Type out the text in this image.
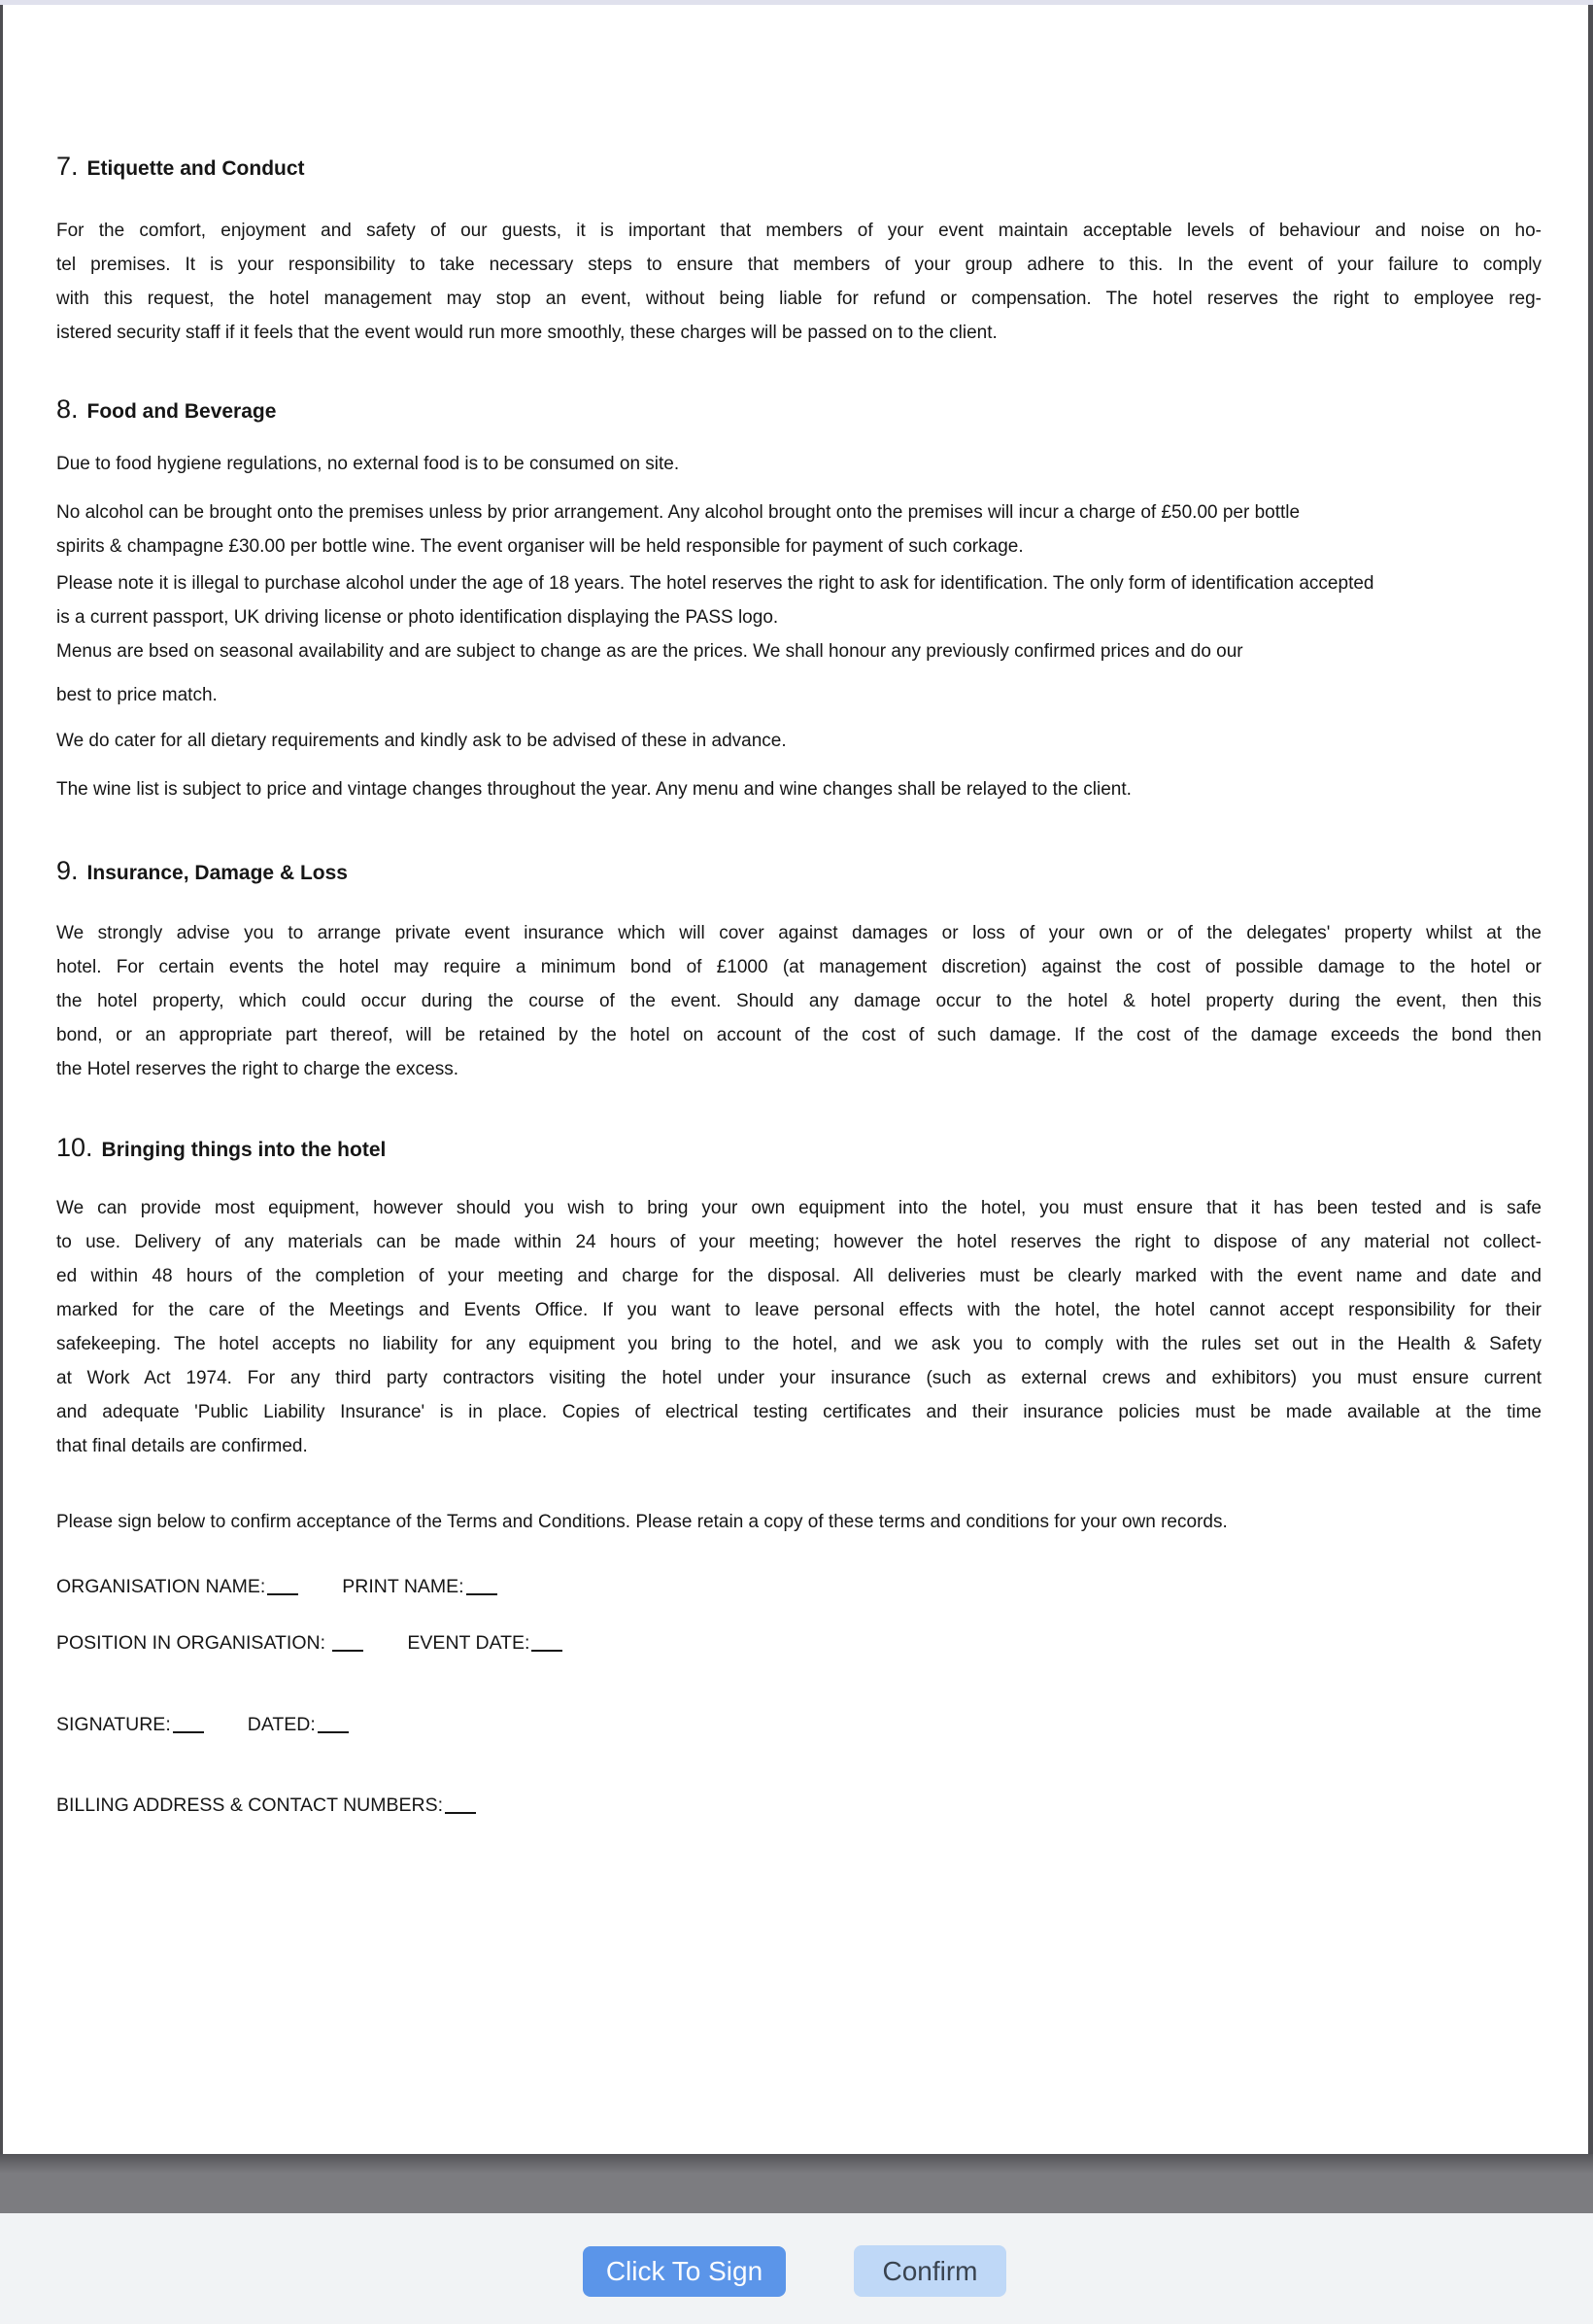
7. Etiquette and Conduct
For the comfort, enjoyment and safety of our guests, it is important that members of your event maintain acceptable levels of behaviour and noise on ho-
tel premises. It is your responsibility to take necessary steps to ensure that members of your group adhere to this. In the event of your failure to comply
with this request, the hotel management may stop an event, without being liable for refund or compensation. The hotel reserves the right to employee reg-
istered security staff if it feels that the event would run more smoothly, these charges will be passed on to the client.
8. Food and Beverage
Due to food hygiene regulations, no external food is to be consumed on site.
No alcohol can be brought onto the premises unless by prior arrangement. Any alcohol brought onto the premises will incur a charge of £50.00 per bottle
spirits & champagne £30.00 per bottle wine. The event organiser will be held responsible for payment of such corkage.
Please note it is illegal to purchase alcohol under the age of 18 years. The hotel reserves the right to ask for identification. The only form of identification accepted
is a current passport, UK driving license or photo identification displaying the PASS logo.
Menus are bsed on seasonal availability and are subject to change as are the prices. We shall honour any previously confirmed prices and do our
best to price match.
We do cater for all dietary requirements and kindly ask to be advised of these in advance.
The wine list is subject to price and vintage changes throughout the year. Any menu and wine changes shall be relayed to the client.
9. Insurance, Damage & Loss
We strongly advise you to arrange private event insurance which will cover against damages or loss of your own or of the delegates' property whilst at the
hotel. For certain events the hotel may require a minimum bond of £1000 (at management discretion) against the cost of possible damage to the hotel or
the hotel property, which could occur during the course of the event. Should any damage occur to the hotel & hotel property during the event, then this
bond, or an appropriate part thereof, will be retained by the hotel on account of the cost of such damage. If the cost of the damage exceeds the bond then
the Hotel reserves the right to charge the excess.
10. Bringing things into the hotel
We can provide most equipment, however should you wish to bring your own equipment into the hotel, you must ensure that it has been tested and is safe
to use. Delivery of any materials can be made within 24 hours of your meeting; however the hotel reserves the right to dispose of any material not collect-
ed within 48 hours of the completion of your meeting and charge for the disposal. All deliveries must be clearly marked with the event name and date and
marked for the care of the Meetings and Events Office. If you want to leave personal effects with the hotel, the hotel cannot accept responsibility for their
safekeeping. The hotel accepts no liability for any equipment you bring to the hotel, and we ask you to comply with the rules set out in the Health & Safety
at Work Act 1974. For any third party contractors visiting the hotel under your insurance (such as external crews and exhibitors) you must ensure current
and adequate 'Public Liability Insurance' is in place. Copies of electrical testing certificates and their insurance policies must be made available at the time
that final details are confirmed.
Please sign below to confirm acceptance of the Terms and Conditions. Please retain a copy of these terms and conditions for your own records.
ORGANISATION NAME:	PRINT NAME:
POSITION IN ORGANISATION:	EVENT DATE:
SIGNATURE:	DATED:
BILLING ADDRESS & CONTACT NUMBERS:
Click To Sign	Confirm
